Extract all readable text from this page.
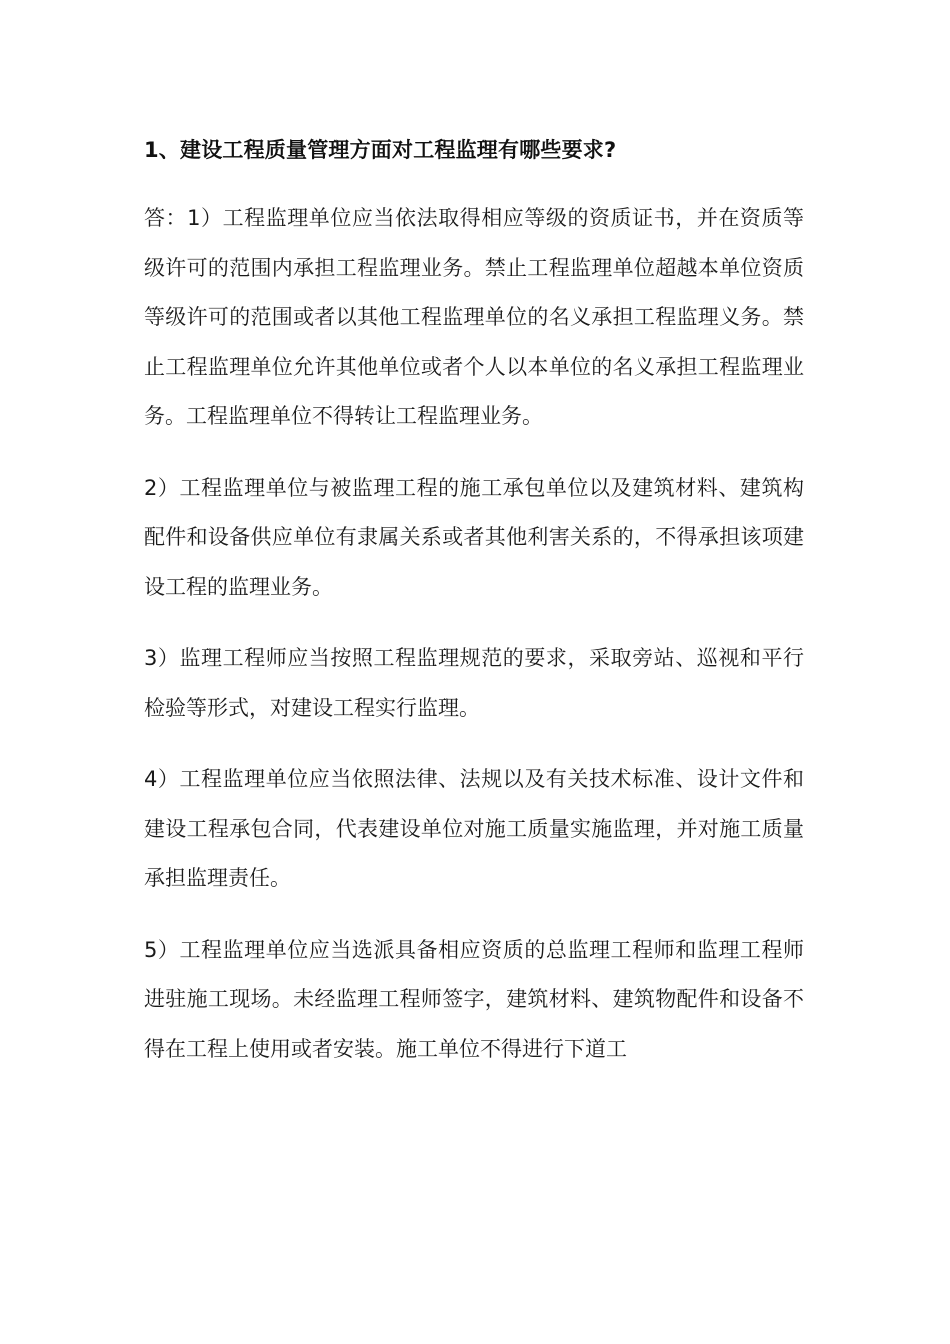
1、建设工程质量管理方面对工程监理有哪些要求?

答：1）工程监理单位应当依法取得相应等级的资质证书，并在资质等级许可的范围内承担工程监理业务。禁止工程监理单位超越本单位资质等级许可的范围或者以其他工程监理单位的名义承担工程监理义务。禁止工程监理单位允许其他单位或者个人以本单位的名义承担工程监理业务。工程监理单位不得转让工程监理业务。

2）工程监理单位与被监理工程的施工承包单位以及建筑材料、建筑构配件和设备供应单位有隶属关系或者其他利害关系的，不得承担该项建设工程的监理业务。

3）监理工程师应当按照工程监理规范的要求，采取旁站、巡视和平行检验等形式，对建设工程实行监理。

4）工程监理单位应当依照法律、法规以及有关技术标准、设计文件和建设工程承包合同，代表建设单位对施工质量实施监理，并对施工质量承担监理责任。

5）工程监理单位应当选派具备相应资质的总监理工程师和监理工程师进驻施工现场。未经监理工程师签字，建筑材料、建筑物配件和设备不得在工程上使用或者安装。施工单位不得进行下道工
